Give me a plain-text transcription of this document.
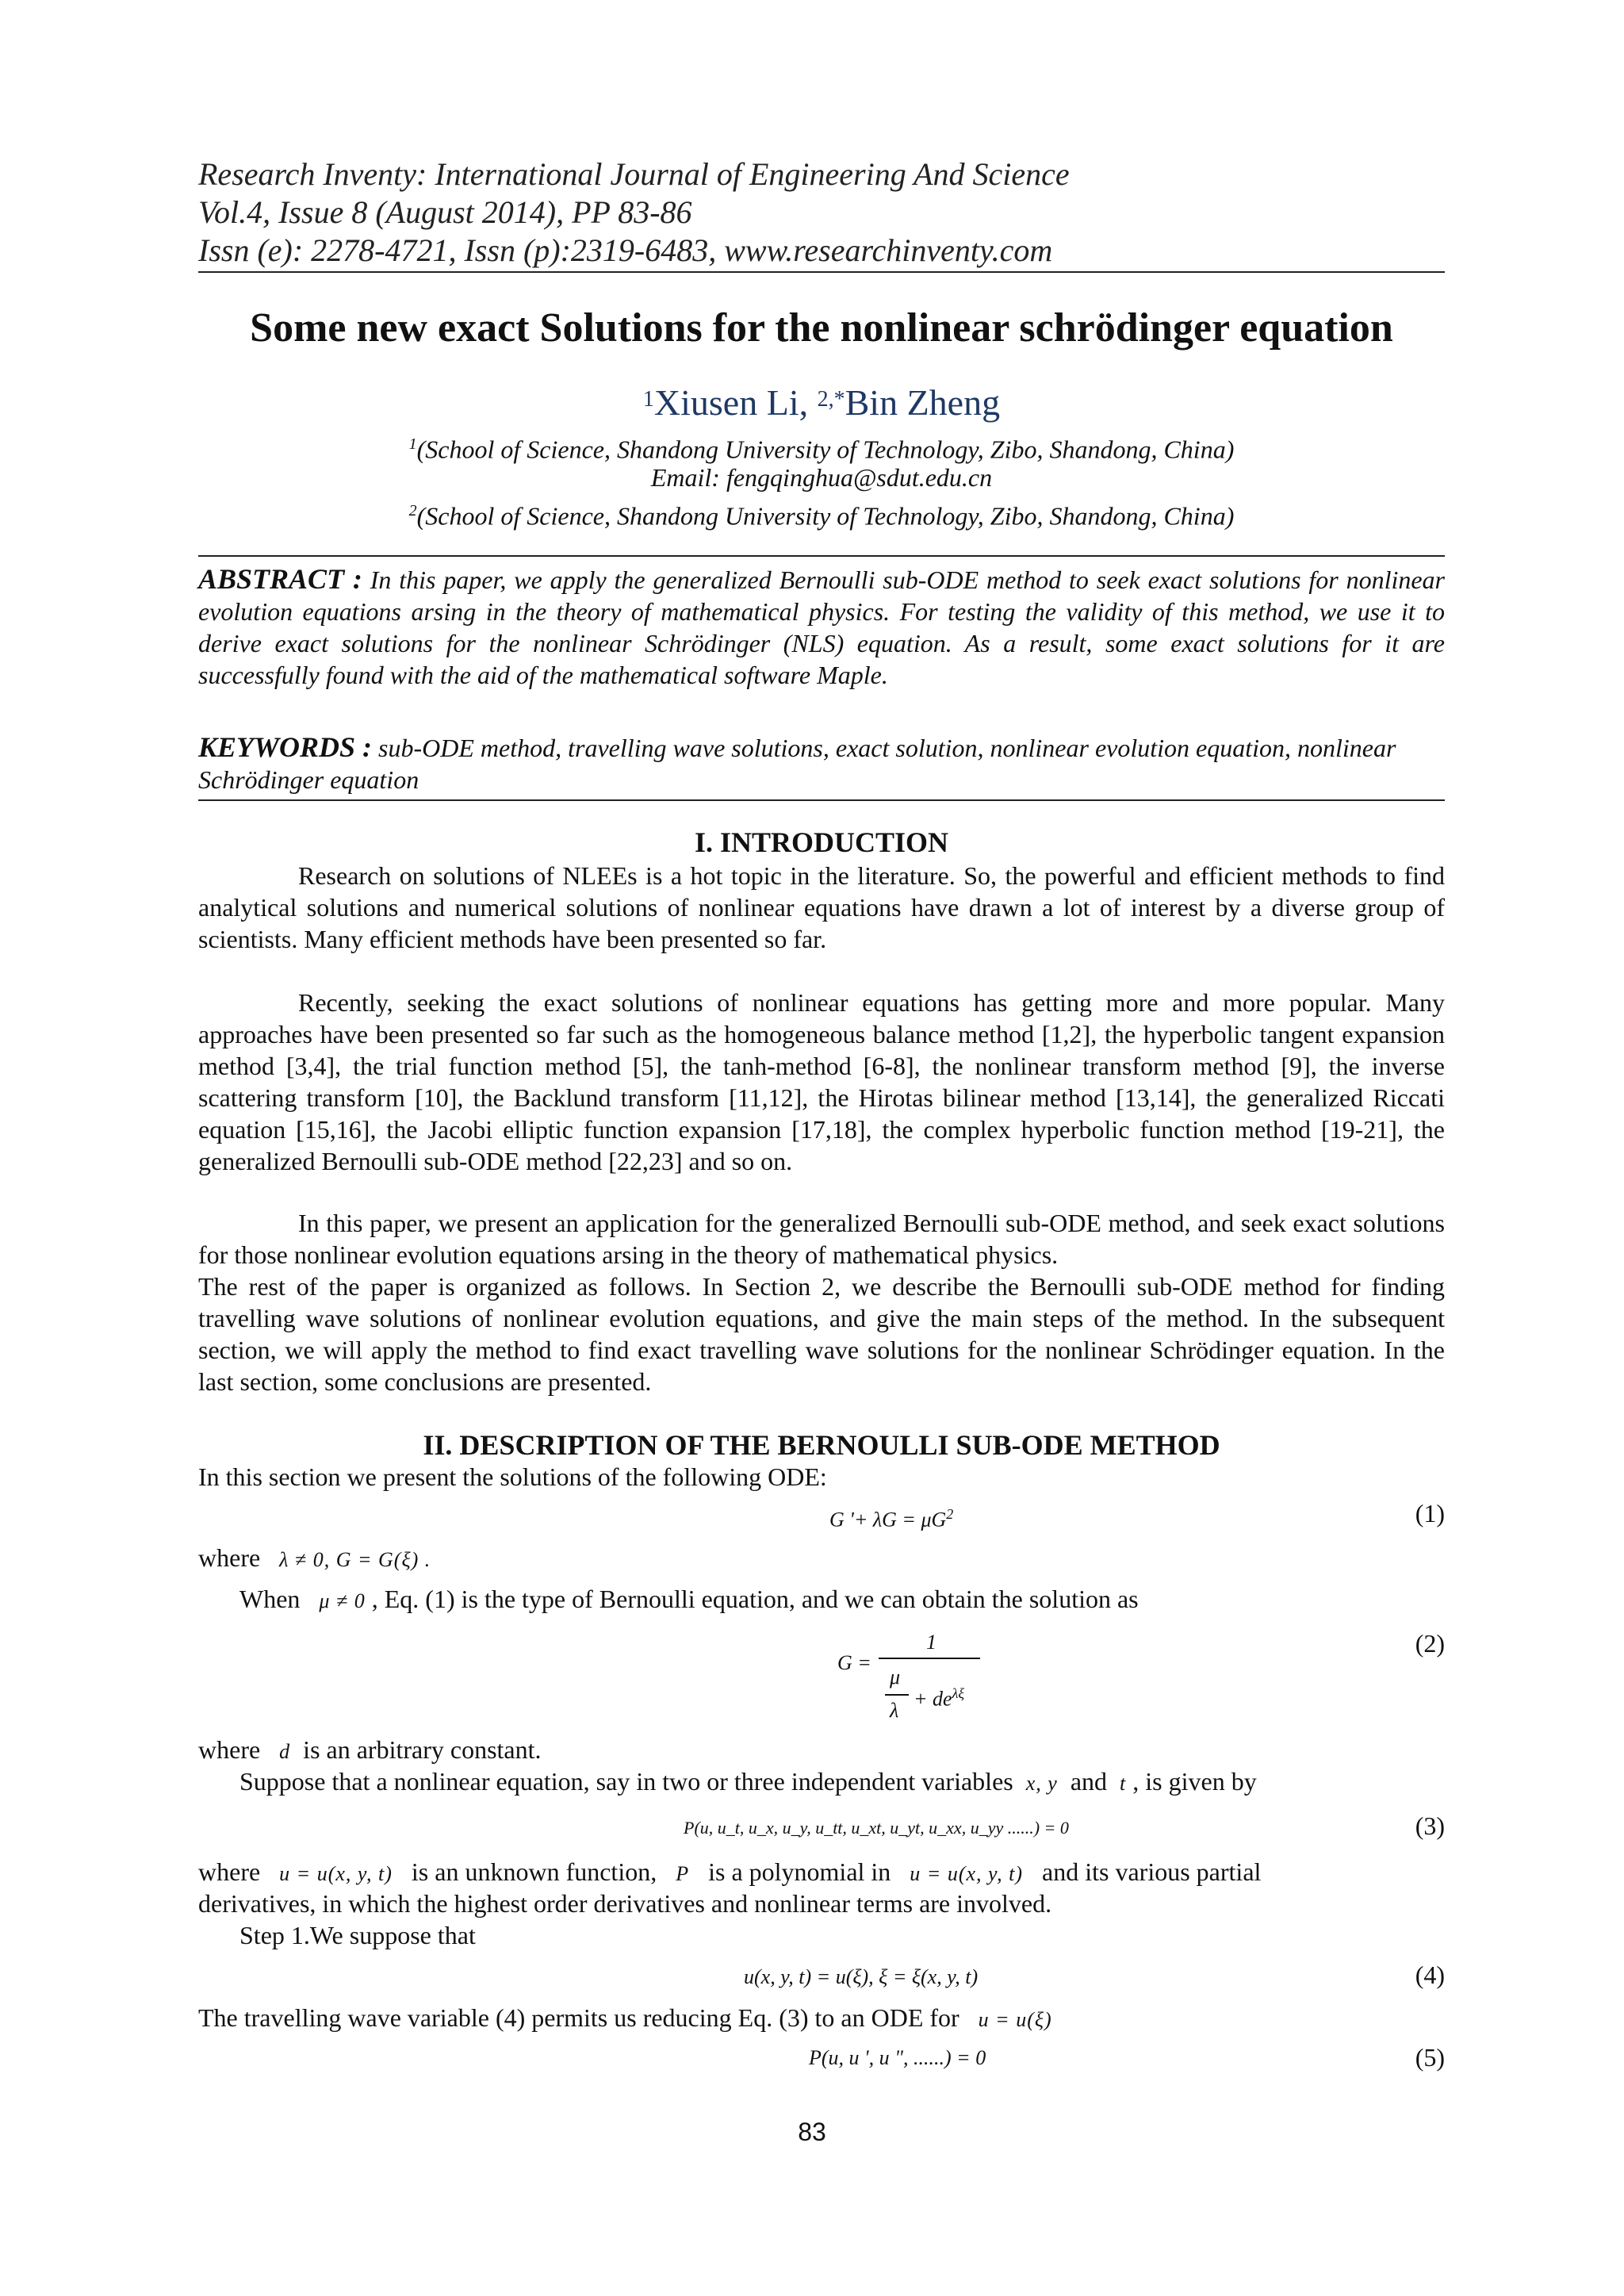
Research Inventy: International Journal of Engineering And Science
Vol.4, Issue 8 (August 2014), PP 83-86
Issn (e): 2278-4721, Issn (p):2319-6483, www.researchinventy.com
Some new exact Solutions for the nonlinear schrödinger equation
$^1$Xiusen Li, $^{2,*}$Bin Zheng
$^1$(School of Science, Shandong University of Technology, Zibo, Shandong, China)
Email: fengqinghua@sdut.edu.cn
$^2$(School of Science, Shandong University of Technology, Zibo, Shandong, China)
ABSTRACT : In this paper, we apply the generalized Bernoulli sub-ODE method to seek exact solutions for nonlinear evolution equations arsing in the theory of mathematical physics. For testing the validity of this method, we use it to derive exact solutions for the nonlinear Schrödinger (NLS) equation. As a result, some exact solutions for it are successfully found with the aid of the mathematical software Maple.
KEYWORDS : sub-ODE method, travelling wave solutions, exact solution, nonlinear evolution equation, nonlinear Schrödinger equation
I. INTRODUCTION
Research on solutions of NLEEs is a hot topic in the literature. So, the powerful and efficient methods to find analytical solutions and numerical solutions of nonlinear equations have drawn a lot of interest by a diverse group of scientists. Many efficient methods have been presented so far.
Recently, seeking the exact solutions of nonlinear equations has getting more and more popular. Many approaches have been presented so far such as the homogeneous balance method [1,2], the hyperbolic tangent expansion method [3,4], the trial function method [5], the tanh-method [6-8], the nonlinear transform method [9], the inverse scattering transform [10], the Backlund transform [11,12], the Hirotas bilinear method [13,14], the generalized Riccati equation [15,16], the Jacobi elliptic function expansion [17,18], the complex hyperbolic function method [19-21], the generalized Bernoulli sub-ODE method [22,23] and so on.
In this paper, we present an application for the generalized Bernoulli sub-ODE method, and seek exact solutions for those nonlinear evolution equations arsing in the theory of mathematical physics.
The rest of the paper is organized as follows. In Section 2, we describe the Bernoulli sub-ODE method for finding travelling wave solutions of nonlinear evolution equations, and give the main steps of the method. In the subsequent section, we will apply the method to find exact travelling wave solutions for the nonlinear Schrödinger equation. In the last section, some conclusions are presented.
II. DESCRIPTION OF THE BERNOULLI SUB-ODE METHOD
In this section we present the solutions of the following ODE:
G '+ $\lambda G = \mu G^2$	(1)
where λ ≠ 0, G = G(ξ) .
When μ ≠ 0 , Eq. (1) is the type of Bernoulli equation, and we can obtain the solution as
1
G =
μ
$\lambda + de^{\lambda\xi}$
(2)
where d is an arbitrary constant.
Suppose that a nonlinear equation, say in two or three independent variables x, y and t , is given by
P(u, u_t, u_x, u_y, u_tt, u_xt, u_yt, u_xx, u_yy ......) = 0	(3)
where u = u(x, y, t) is an unknown function, P is a polynomial in u = u(x, y, t) and its various partial
derivatives, in which the highest order derivatives and nonlinear terms are involved.
Step 1.We suppose that
u(x, y, t) = u(ξ), ξ = ξ(x, y, t)	(4)
The travelling wave variable (4) permits us reducing Eq. (3) to an ODE for u = u(ξ)
P(u, u ', u ", ......) = 0	(5)
83
